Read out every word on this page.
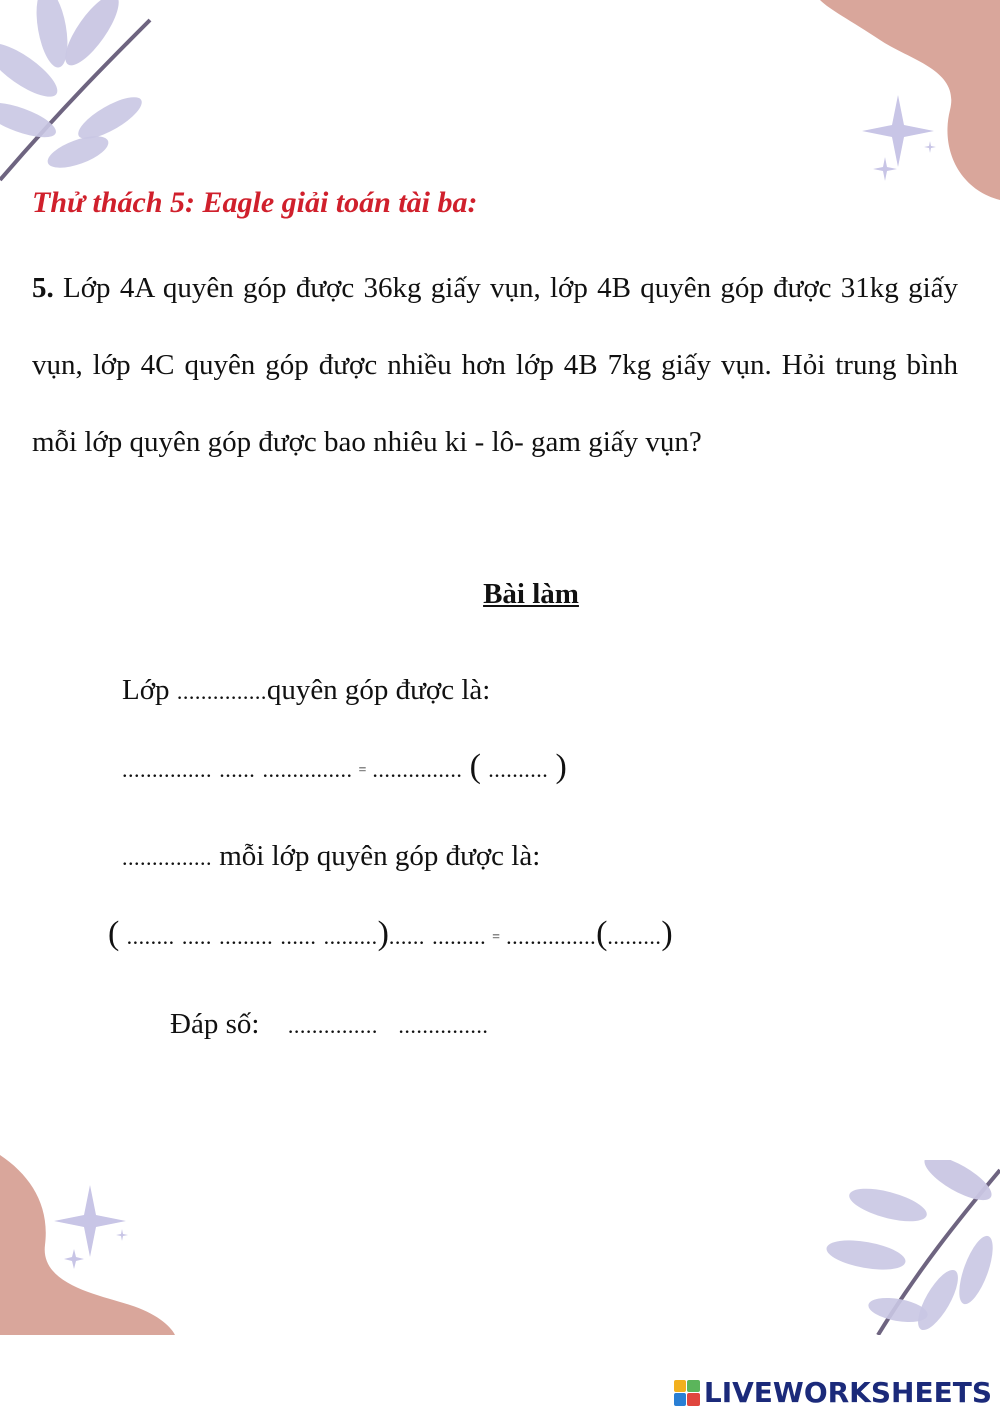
Thử thách 5: Eagle giải toán tài ba:

5. Lớp 4A quyên góp được 36kg giấy vụn, lớp 4B quyên góp được 31kg giấy vụn, lớp 4C quyên góp được nhiều hơn lớp 4B 7kg giấy vụn. Hỏi trung bình mỗi lớp quyên góp được bao nhiêu ki - lô- gam giấy vụn?

Bài làm

Lớp ...............quyên góp được là:

............... ...... ............... = ............... ( .......... )

............... mỗi lớp quyên góp được là:

( ........ ..... ......... ...... .........)...... ......... = ...............(.........)

Đáp số: ............... ...............

LIVEWORKSHEETS
